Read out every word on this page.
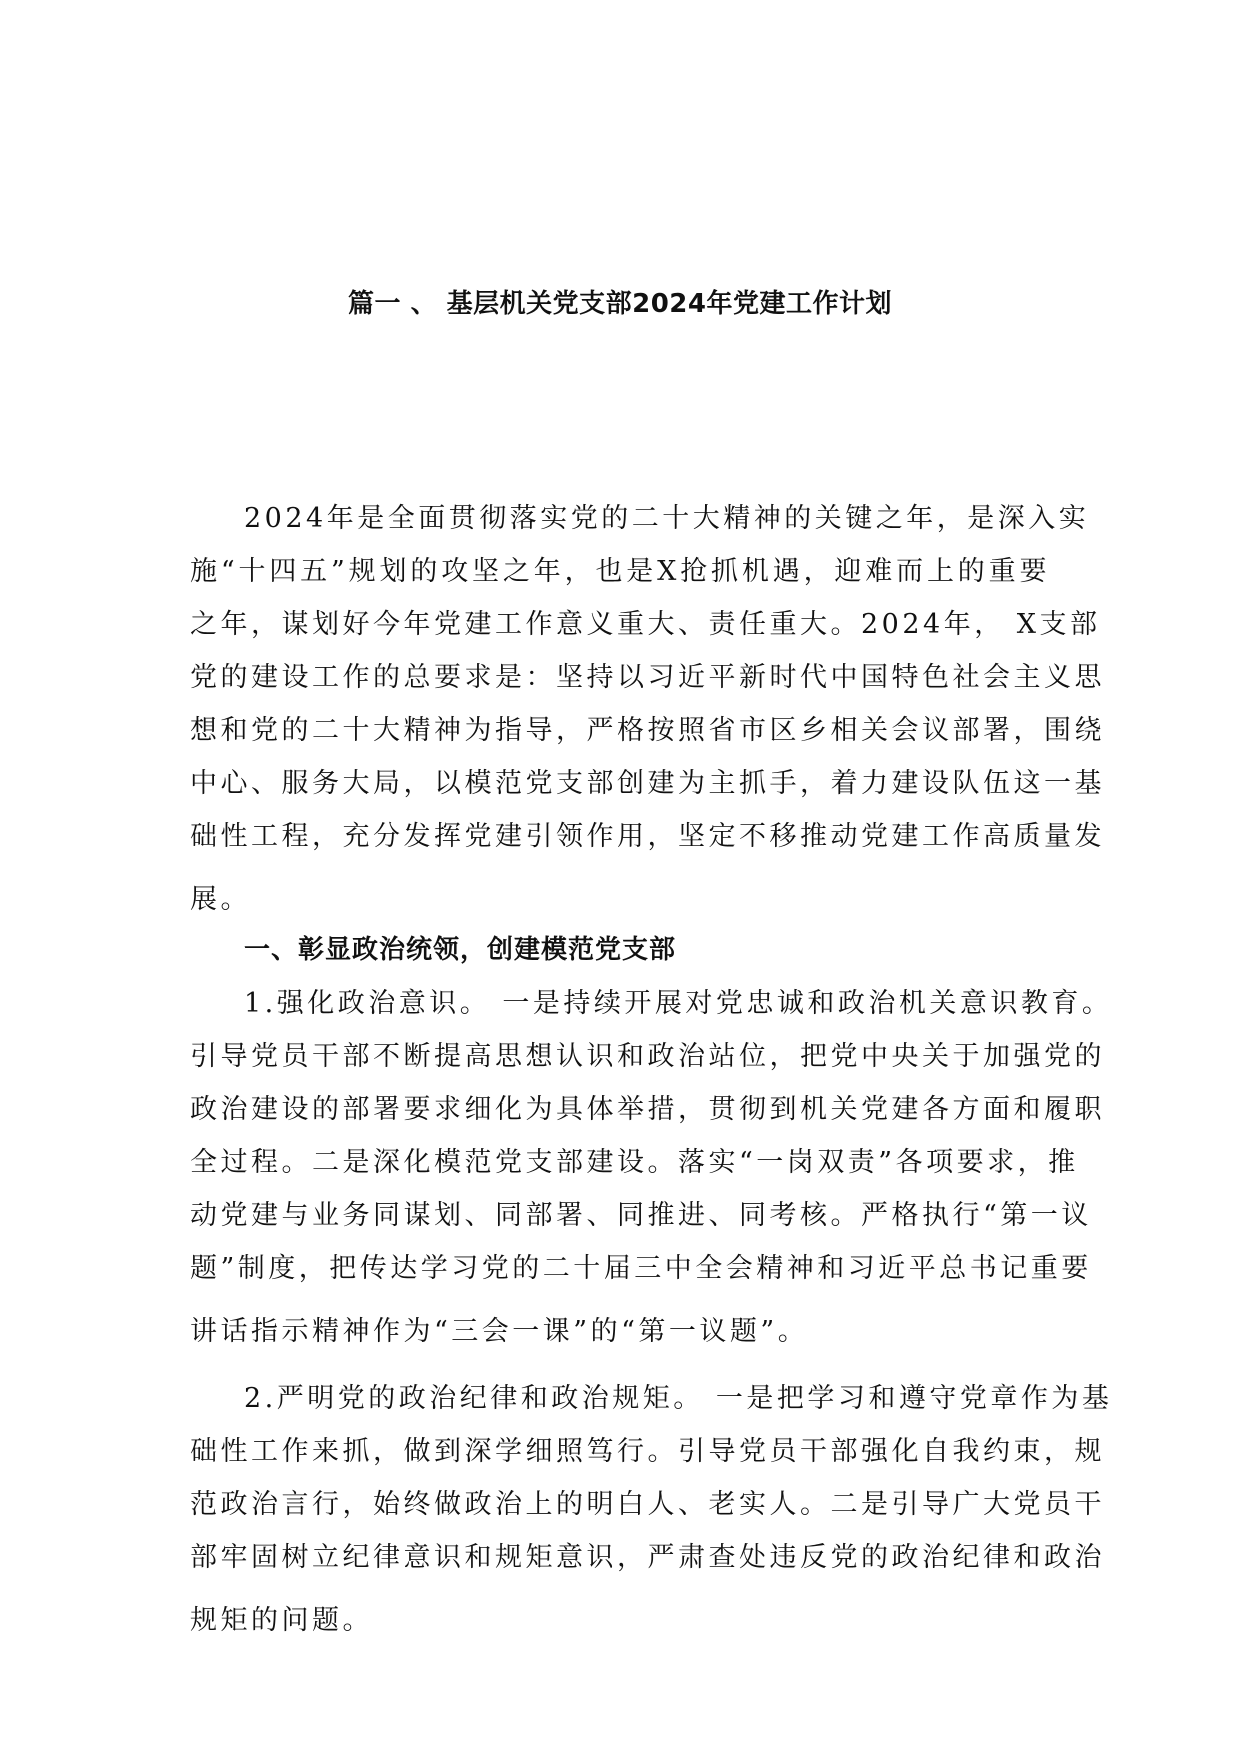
篇一 、 基层机关党支部2024年党建工作计划
2024年是全面贯彻落实党的二十大精神的关键之年，是深入实
施“十四五”规划的攻坚之年，也是X抢抓机遇，迎难而上的重要
之年，谋划好今年党建工作意义重大、责任重大。2024年， X支部
党的建设工作的总要求是：坚持以习近平新时代中国特色社会主义思
想和党的二十大精神为指导，严格按照省市区乡相关会议部署，围绕
中心、服务大局，以模范党支部创建为主抓手，着力建设队伍这一基
础性工程，充分发挥党建引领作用，坚定不移推动党建工作高质量发
展。
一、彰显政治统领，创建模范党支部
1.强化政治意识。 一是持续开展对党忠诚和政治机关意识教育。
引导党员干部不断提高思想认识和政治站位，把党中央关于加强党的
政治建设的部署要求细化为具体举措，贯彻到机关党建各方面和履职
全过程。二是深化模范党支部建设。落实“一岗双责”各项要求，推
动党建与业务同谋划、同部署、同推进、同考核。严格执行“第一议
题”制度，把传达学习党的二十届三中全会精神和习近平总书记重要
讲话指示精神作为“三会一课”的“第一议题”。
2.严明党的政治纪律和政治规矩。 一是把学习和遵守党章作为基
础性工作来抓，做到深学细照笃行。引导党员干部强化自我约束，规
范政治言行，始终做政治上的明白人、老实人。二是引导广大党员干
部牢固树立纪律意识和规矩意识，严肃查处违反党的政治纪律和政治
规矩的问题。
